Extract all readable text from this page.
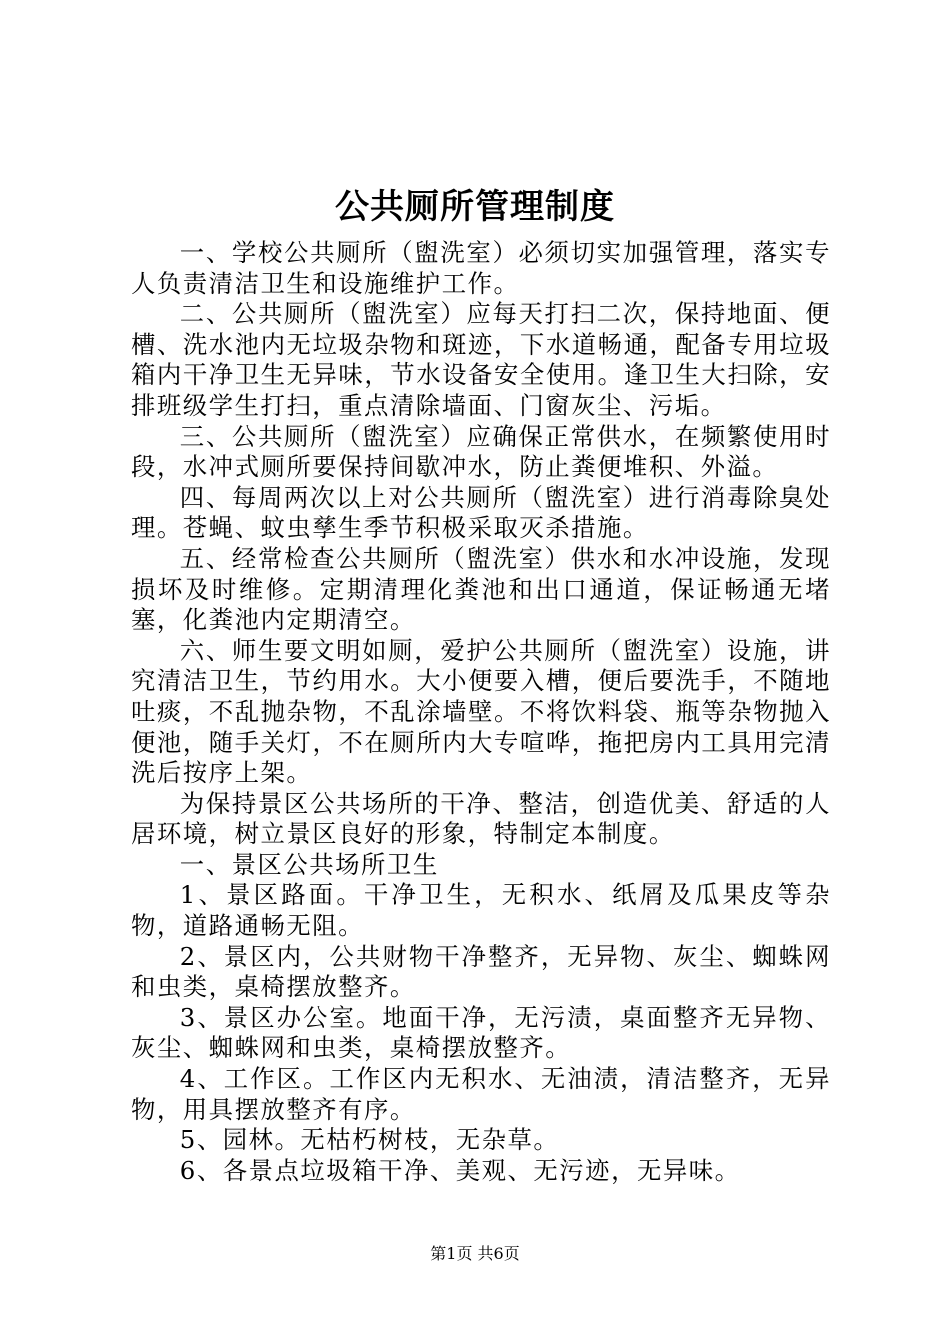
公共厕所管理制度

一、学校公共厕所（盥洗室）必须切实加强管理，落实专人负责清洁卫生和设施维护工作。

二、公共厕所（盥洗室）应每天打扫二次，保持地面、便槽、洗水池内无垃圾杂物和斑迹，下水道畅通，配备专用垃圾箱内干净卫生无异味，节水设备安全使用。逢卫生大扫除，安排班级学生打扫，重点清除墙面、门窗灰尘、污垢。

三、公共厕所（盥洗室）应确保正常供水，在频繁使用时段，水冲式厕所要保持间歇冲水，防止粪便堆积、外溢。

四、每周两次以上对公共厕所（盥洗室）进行消毒除臭处理。苍蝇、蚊虫孳生季节积极采取灭杀措施。

五、经常检查公共厕所（盥洗室）供水和水冲设施，发现损坏及时维修。定期清理化粪池和出口通道，保证畅通无堵塞，化粪池内定期清空。

六、师生要文明如厕，爱护公共厕所（盥洗室）设施，讲究清洁卫生，节约用水。大小便要入槽，便后要洗手，不随地吐痰，不乱抛杂物，不乱涂墙壁。不将饮料袋、瓶等杂物抛入便池，随手关灯，不在厕所内大专喧哗，拖把房内工具用完清洗后按序上架。

为保持景区公共场所的干净、整洁，创造优美、舒适的人居环境，树立景区良好的形象，特制定本制度。

一、景区公共场所卫生

1、景区路面。干净卫生，无积水、纸屑及瓜果皮等杂物，道路通畅无阻。

2、景区内，公共财物干净整齐，无异物、灰尘、蜘蛛网和虫类，桌椅摆放整齐。

3、景区办公室。地面干净，无污渍，桌面整齐无异物、灰尘、蜘蛛网和虫类，桌椅摆放整齐。

4、工作区。工作区内无积水、无油渍，清洁整齐，无异物，用具摆放整齐有序。

5、园林。无枯朽树枝，无杂草。

6、各景点垃圾箱干净、美观、无污迹，无异味。

第1页 共6页
